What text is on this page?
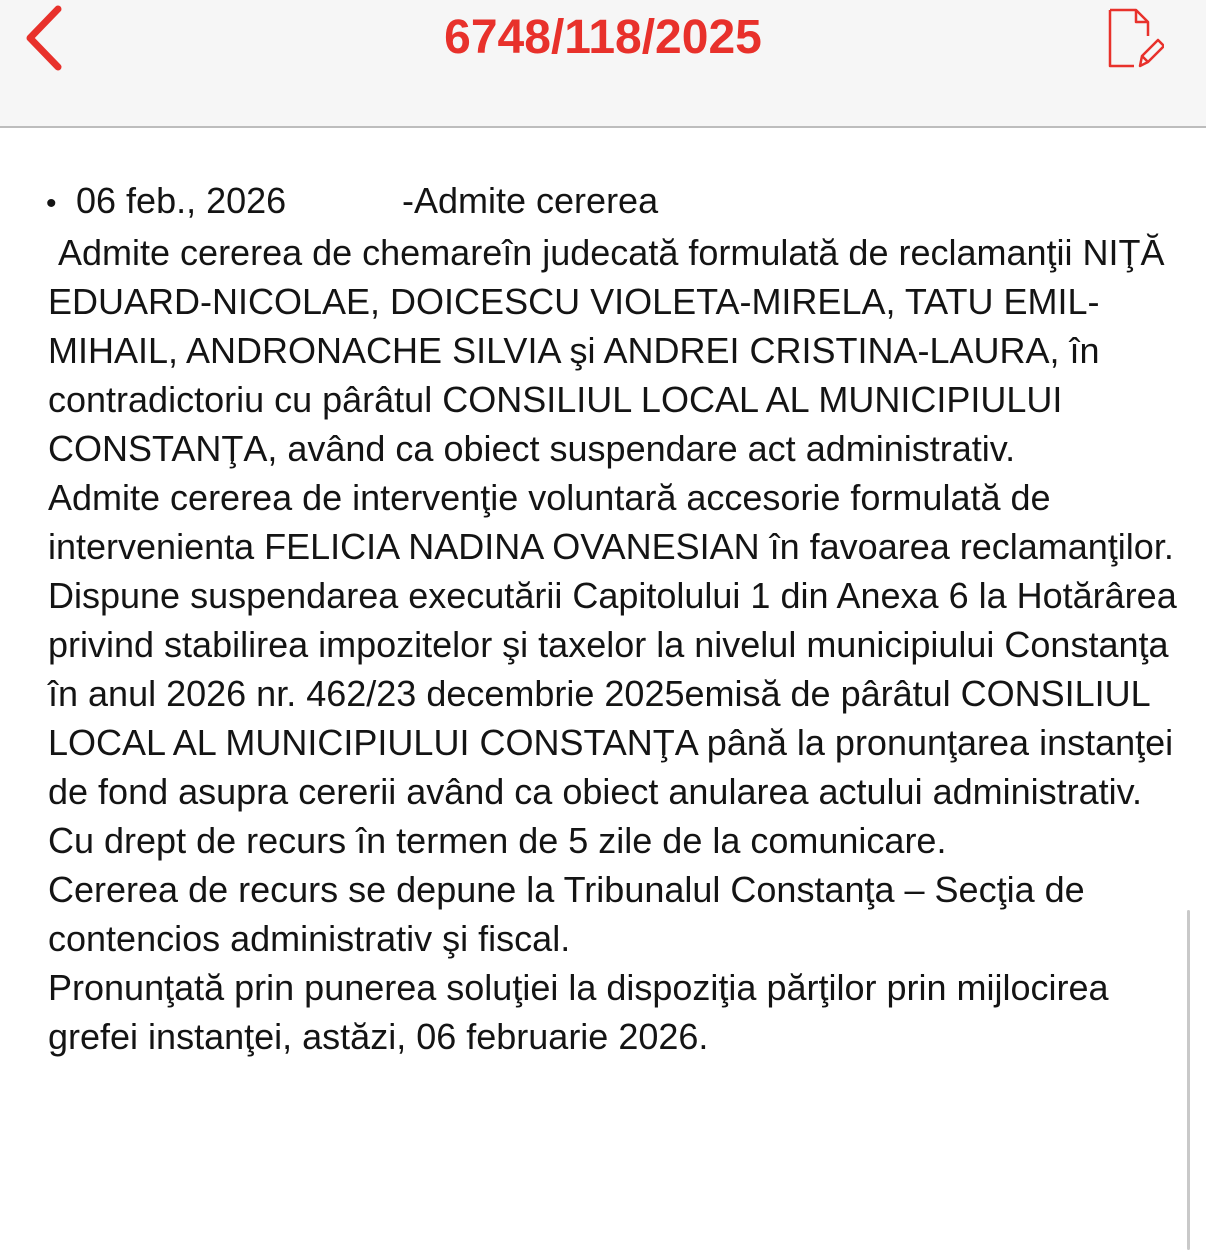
6748/118/2025
• 06 feb., 2026	-Admite cererea

Admite cererea de chemareîn judecată formulată de reclamanţii NIŢĂ EDUARD-NICOLAE, DOICESCU VIOLETA-MIRELA, TATU EMIL-MIHAIL, ANDRONACHE SILVIA şi ANDREI CRISTINA-LAURA, în contradictoriu cu pârâtul CONSILIUL LOCAL AL MUNICIPIULUI CONSTANŢA, având ca obiect suspendare act administrativ.

Admite cererea de intervenţie voluntară accesorie formulată de intervenienta FELICIA NADINA OVANESIAN în favoarea reclamanţilor.

Dispune suspendarea executării Capitolului 1 din Anexa 6 la Hotărârea privind stabilirea impozitelor şi taxelor la nivelul municipiului Constanţa în anul 2026 nr. 462/23 decembrie 2025emisă de pârâtul CONSILIUL LOCAL AL MUNICIPIULUI CONSTANŢA până la pronunţarea instanţei de fond asupra cererii având ca obiect anularea actului administrativ.

Cu drept de recurs în termen de 5 zile de la comunicare.

Cererea de recurs se depune la Tribunalul Constanţa – Secţia de contencios administrativ şi fiscal.

Pronunţată prin punerea soluţiei la dispoziţia părţilor prin mijlocirea grefei instanţei, astăzi, 06 februarie 2026.
